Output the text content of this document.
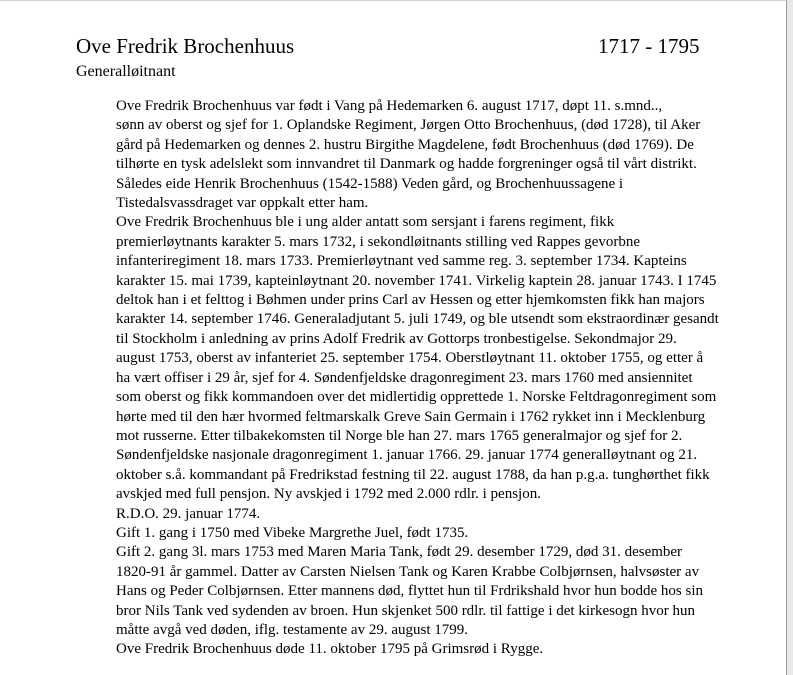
Ove Fredrik Brochenhuus	1717 - 1795
Generalløitnant

Ove Fredrik Brochenhuus var født i Vang på Hedemarken 6. august 1717, døpt 11. s.mnd..,
sønn av oberst og sjef for 1. Oplandske Regiment, Jørgen Otto Brochenhuus, (død 1728), til Aker
gård på Hedemarken og dennes 2. hustru Birgithe Magdelene, født Brochenhuus (død 1769). De
tilhørte en tysk adelslekt som innvandret til Danmark og hadde forgreninger også til vårt distrikt.
Således eide Henrik Brochenhuus (1542-1588) Veden gård, og Brochenhuussagene i
Tistedalsvassdraget var oppkalt etter ham.

Ove Fredrik Brochenhuus ble i ung alder antatt som sersjant i farens regiment, fikk
premierløytnants karakter 5. mars 1732, i sekondløitnants stilling ved Rappes gevorbne
infanteriregiment 18. mars 1733. Premierløytnant ved samme reg. 3. september 1734. Kapteins
karakter 15. mai 1739, kapteinløytnant 20. november 1741. Virkelig kaptein 28. januar 1743. I 1745
deltok han i et felttog i Bøhmen under prins Carl av Hessen og etter hjemkomsten fikk han majors
karakter 14. september 1746. Generaladjutant 5. juli 1749, og ble utsendt som ekstraordinær gesandt
til Stockholm i anledning av prins Adolf Fredrik av Gottorps tronbestigelse. Sekondmajor 29.
august 1753, oberst av infanteriet 25. september 1754. Oberstløytnant 11. oktober 1755, og etter å
ha vært offiser i 29 år, sjef for 4. Søndenfjeldske dragonregiment 23. mars 1760 med ansiennitet
som oberst og fikk kommandoen over det midlertidig opprettede 1. Norske Feltdragonregiment som
hørte med til den hær hvormed feltmarskalk Greve Sain Germain i 1762 rykket inn i Mecklenburg
mot russerne. Etter tilbakekomsten til Norge ble han 27. mars 1765 generalmajor og sjef for 2.
Søndenfjeldske nasjonale dragonregiment 1. januar 1766. 29. januar 1774 generalløytnant og 21.
oktober s.å. kommandant på Fredrikstad festning til 22. august 1788, da han p.g.a. tunghørthet fikk
avskjed med full pensjon. Ny avskjed i 1792 med 2.000 rdlr. i pensjon.

R.D.O. 29. januar 1774.

Gift 1. gang i 1750 med Vibeke Margrethe Juel, født 1735.

Gift 2. gang 3l. mars 1753 med Maren Maria Tank, født 29. desember 1729, død 31. desember
1820-91 år gammel. Datter av Carsten Nielsen Tank og Karen Krabbe Colbjørnsen, halvsøster av
Hans og Peder Colbjørnsen. Etter mannens død, flyttet hun til Frdrikshald hvor hun bodde hos sin
bror Nils Tank ved sydenden av broen. Hun skjenket 500 rdlr. til fattige i det kirkesogn hvor hun
måtte avgå ved døden, iflg. testamente av 29. august 1799.

Ove Fredrik Brochenhuus døde 11. oktober 1795 på Grimsrød i Rygge.
